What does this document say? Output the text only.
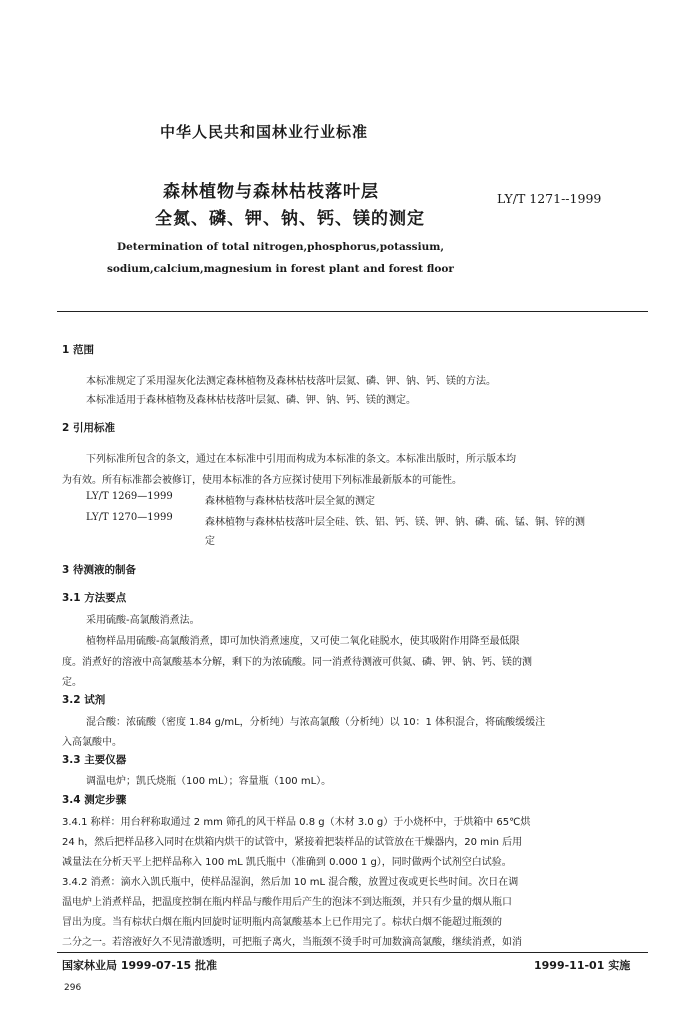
中华人民共和国林业行业标准
森林植物与森林枯枝落叶层
全氮、磷、钾、钠、钙、镁的测定
LY/T 1271--1999
Determination of total nitrogen,phosphorus,potassium,
sodium,calcium,magnesium in forest plant and forest floor
1 范围
本标准规定了采用湿灰化法测定森林植物及森林枯枝落叶层氮、磷、钾、钠、钙、镁的方法。
本标准适用于森林植物及森林枯枝落叶层氮、磷、钾、钠、钙、镁的测定。
2 引用标准
下列标准所包含的条文，通过在本标准中引用而构成为本标准的条文。本标准出版时，所示版本均
为有效。所有标准都会被修订，使用本标准的各方应探讨使用下列标准最新版本的可能性。
LY/T 1269—1999	森林植物与森林枯枝落叶层全氮的测定
LY/T 1270—1999	森林植物与森林枯枝落叶层全硅、铁、铝、钙、镁、钾、钠、磷、硫、锰、铜、锌的测
定
3 待测液的制备
3.1 方法要点
采用硫酸-高氯酸消煮法。
植物样品用硫酸-高氯酸消煮，即可加快消煮速度，又可使二氧化硅脱水，使其吸附作用降至最低限
度。消煮好的溶液中高氯酸基本分解，剩下的为浓硫酸。同一消煮待测液可供氮、磷、钾、钠、钙、镁的测
定。
3.2 试剂
混合酸：浓硫酸（密度 1.84 g/mL，分析纯）与浓高氯酸（分析纯）以 10：1 体积混合，将硫酸缓缓注
入高氯酸中。
3.3 主要仪器
调温电炉；凯氏烧瓶（100 mL）；容量瓶（100 mL）。
3.4 测定步骤
3.4.1 称样：用台秤称取通过 2 mm 筛孔的风干样品 0.8 g（木材 3.0 g）于小烧杯中，于烘箱中 65℃烘
24 h，然后把样品移入同时在烘箱内烘干的试管中，紧接着把装样品的试管放在干燥器内，20 min 后用
减量法在分析天平上把样品称入 100 mL 凯氏瓶中（准确到 0.000 1 g），同时做两个试剂空白试验。
3.4.2 消煮：滴水入凯氏瓶中，使样品湿润，然后加 10 mL 混合酸，放置过夜或更长些时间。次日在调
温电炉上消煮样品，把温度控制在瓶内样品与酸作用后产生的泡沫不到达瓶颈，并只有少量的烟从瓶口
冒出为度。当有棕状白烟在瓶内回旋时证明瓶内高氯酸基本上已作用完了。棕状白烟不能超过瓶颈的
二分之一。若溶液好久不见清澈透明，可把瓶子离火，当瓶颈不烫手时可加数滴高氯酸，继续消煮，如消
国家林业局 1999-07-15 批准	1999-11-01 实施
296
